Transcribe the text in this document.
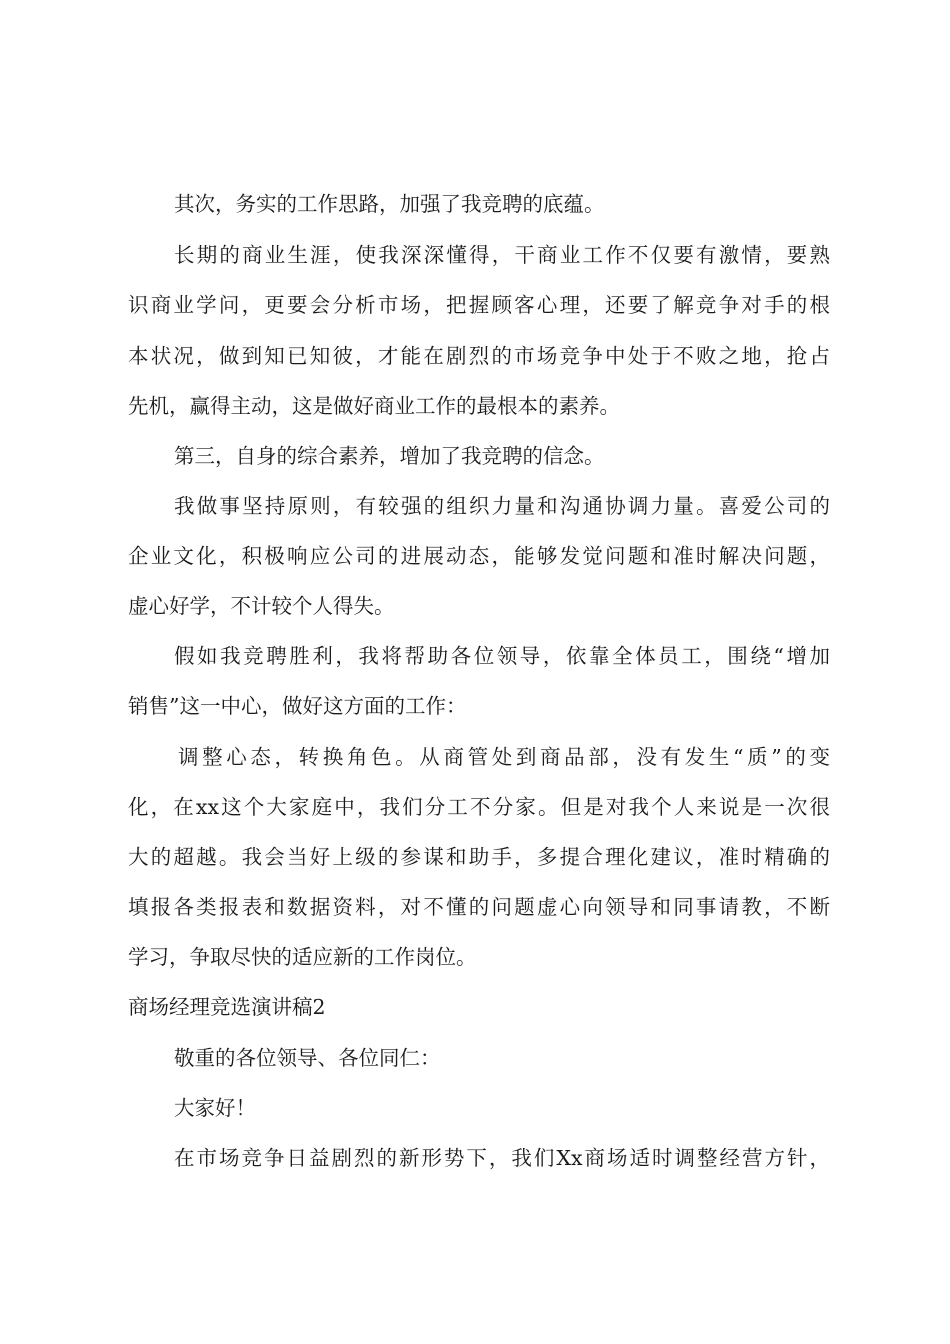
其次，务实的工作思路，加强了我竞聘的底蕴。
长期的商业生涯，使我深深懂得，干商业工作不仅要有激情，要熟
识商业学问，更要会分析市场，把握顾客心理，还要了解竞争对手的根
本状况，做到知已知彼，才能在剧烈的市场竞争中处于不败之地，抢占
先机，赢得主动，这是做好商业工作的最根本的素养。
第三，自身的综合素养，增加了我竞聘的信念。
我做事坚持原则，有较强的组织力量和沟通协调力量。喜爱公司的
企业文化，积极响应公司的进展动态，能够发觉问题和准时解决问题，
虚心好学，不计较个人得失。
假如我竞聘胜利，我将帮助各位领导，依靠全体员工，围绕“增加
销售”这一中心，做好这方面的工作：
调整心态，转换角色。从商管处到商品部，没有发生“质”的变
化，在xx这个大家庭中，我们分工不分家。但是对我个人来说是一次很
大的超越。我会当好上级的参谋和助手，多提合理化建议，准时精确的
填报各类报表和数据资料，对不懂的问题虚心向领导和同事请教，不断
学习，争取尽快的适应新的工作岗位。
商场经理竞选演讲稿2
敬重的各位领导、各位同仁：
大家好！
在市场竞争日益剧烈的新形势下，我们Xx商场适时调整经营方针，
